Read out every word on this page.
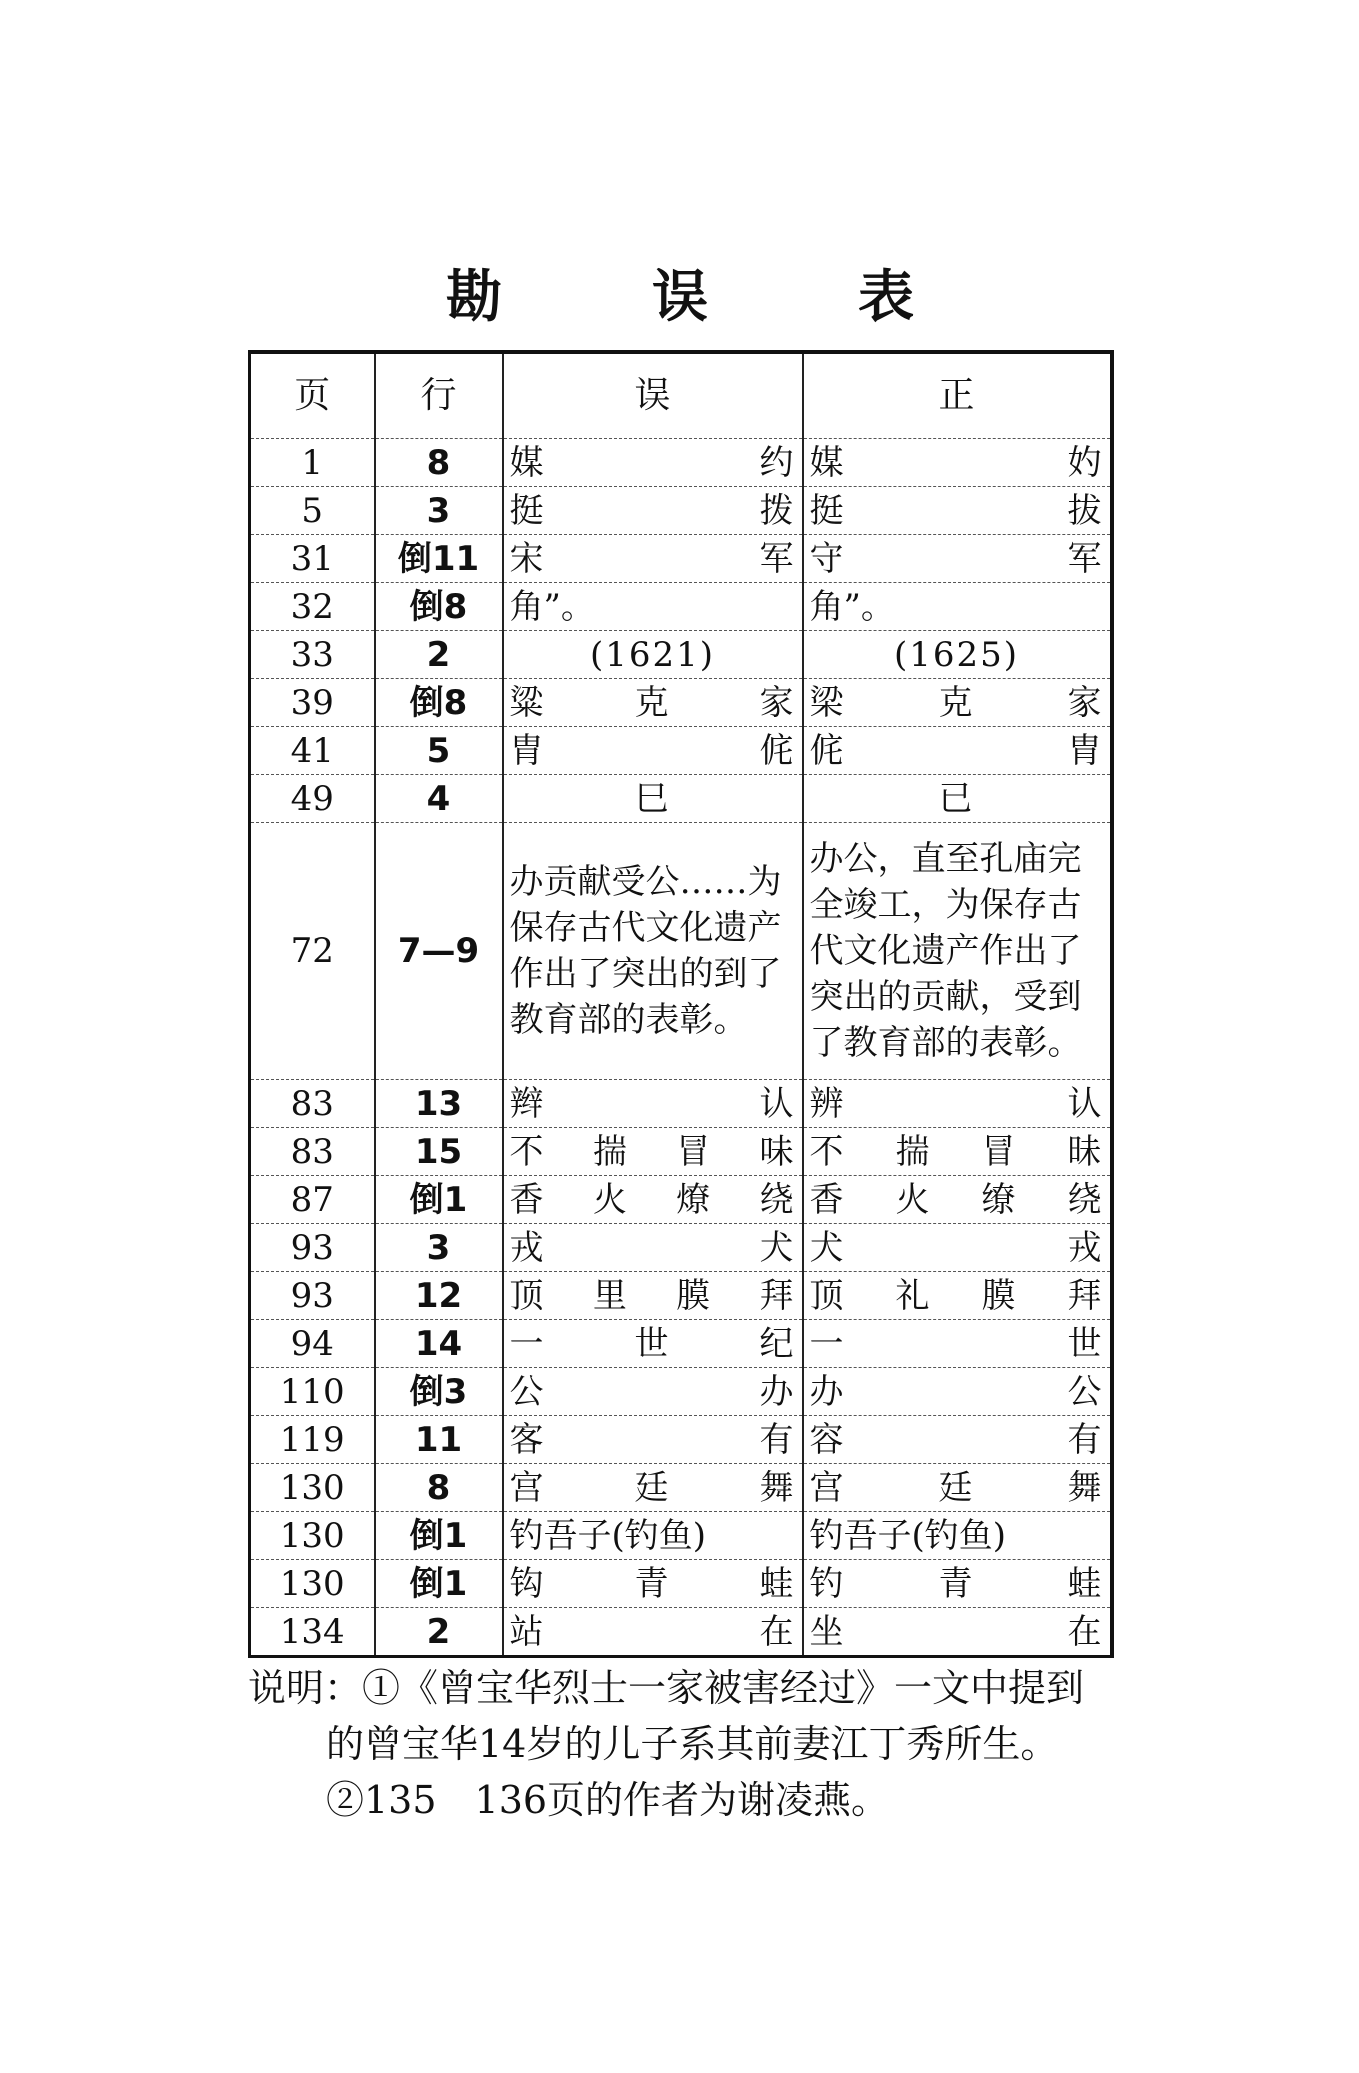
勘误表
页	行	误	正
1	8	媒　约	媒　妁
5	3	挺　拨	挺　拔
31	倒11	宋　军	守　军
32	倒8	角”。	角”。
33	2	(1621)	(1625)
39	倒8	粱克家	梁克家
41	5	胄　侂	侂　胄
49	4	巳	已
72	7—9	办贡献受公……为保存古代文化遗产作出了突出的到了教育部的表彰。	办公，直至孔庙完全竣工，为保存古代文化遗产作出了突出的贡献，受到了教育部的表彰。
83	13	辫　认	辨　认
83	15	不揣冒味	不揣冒昧
87	倒1	香火燎绕	香火缭绕
93	3	戎　犬	犬　戎
93	12	顶里膜拜	顶礼膜拜
94	14	一世纪	一　世
110	倒3	公　办	办　公
119	11	客　有	容　有
130	8	宫廷舞	宫廷舞
130	倒1	钓吾子(钓鱼)	钓吾子(钓鱼)
130	倒1	钩青蛙	钓青蛙
134	2	站　在	坐　在
说明：①《曾宝华烈士一家被害经过》一文中提到
的曾宝华14岁的儿子系其前妻江丁秀所生。
②135　136页的作者为谢凌燕。
